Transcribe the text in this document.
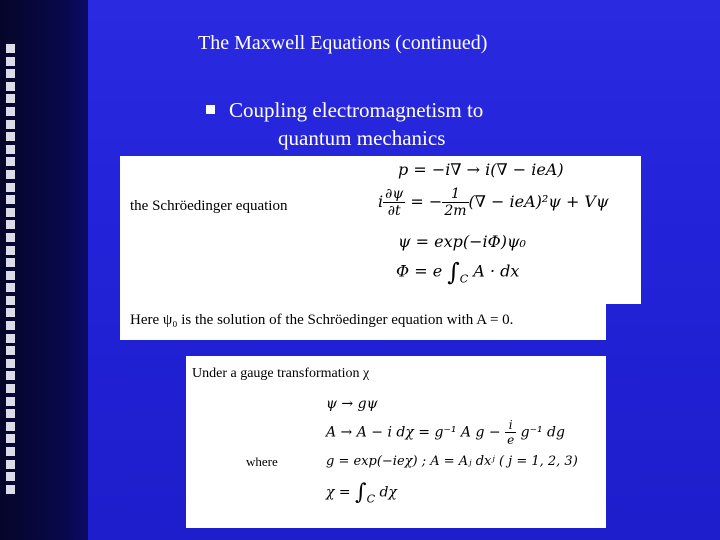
The Maxwell Equations (continued)
Coupling electromagnetism to
quantum mechanics
the Schröedinger equation
p = −i∇ → i(∇ − ieA)
i $\frac{\partial\psi}{\partial t}$ = − $\frac{1}{2m}$ (∇ − ieA)²ψ + Vψ
ψ = exp(−iΦ)ψ₀
Φ = e $\int_C$ A · dx
Here ψ₀ is the solution of the Schröedinger equation with A = 0.
Under a gauge transformation χ
ψ → gψ
A → A − i dχ = g⁻¹ A $g - \frac{i}{e} g^{-1}$ dg
where	g = exp(−ieχ) ; A = Aⱼ dxʲ ( j = 1, 2, 3)
$\chi = \int_C$ dχ
